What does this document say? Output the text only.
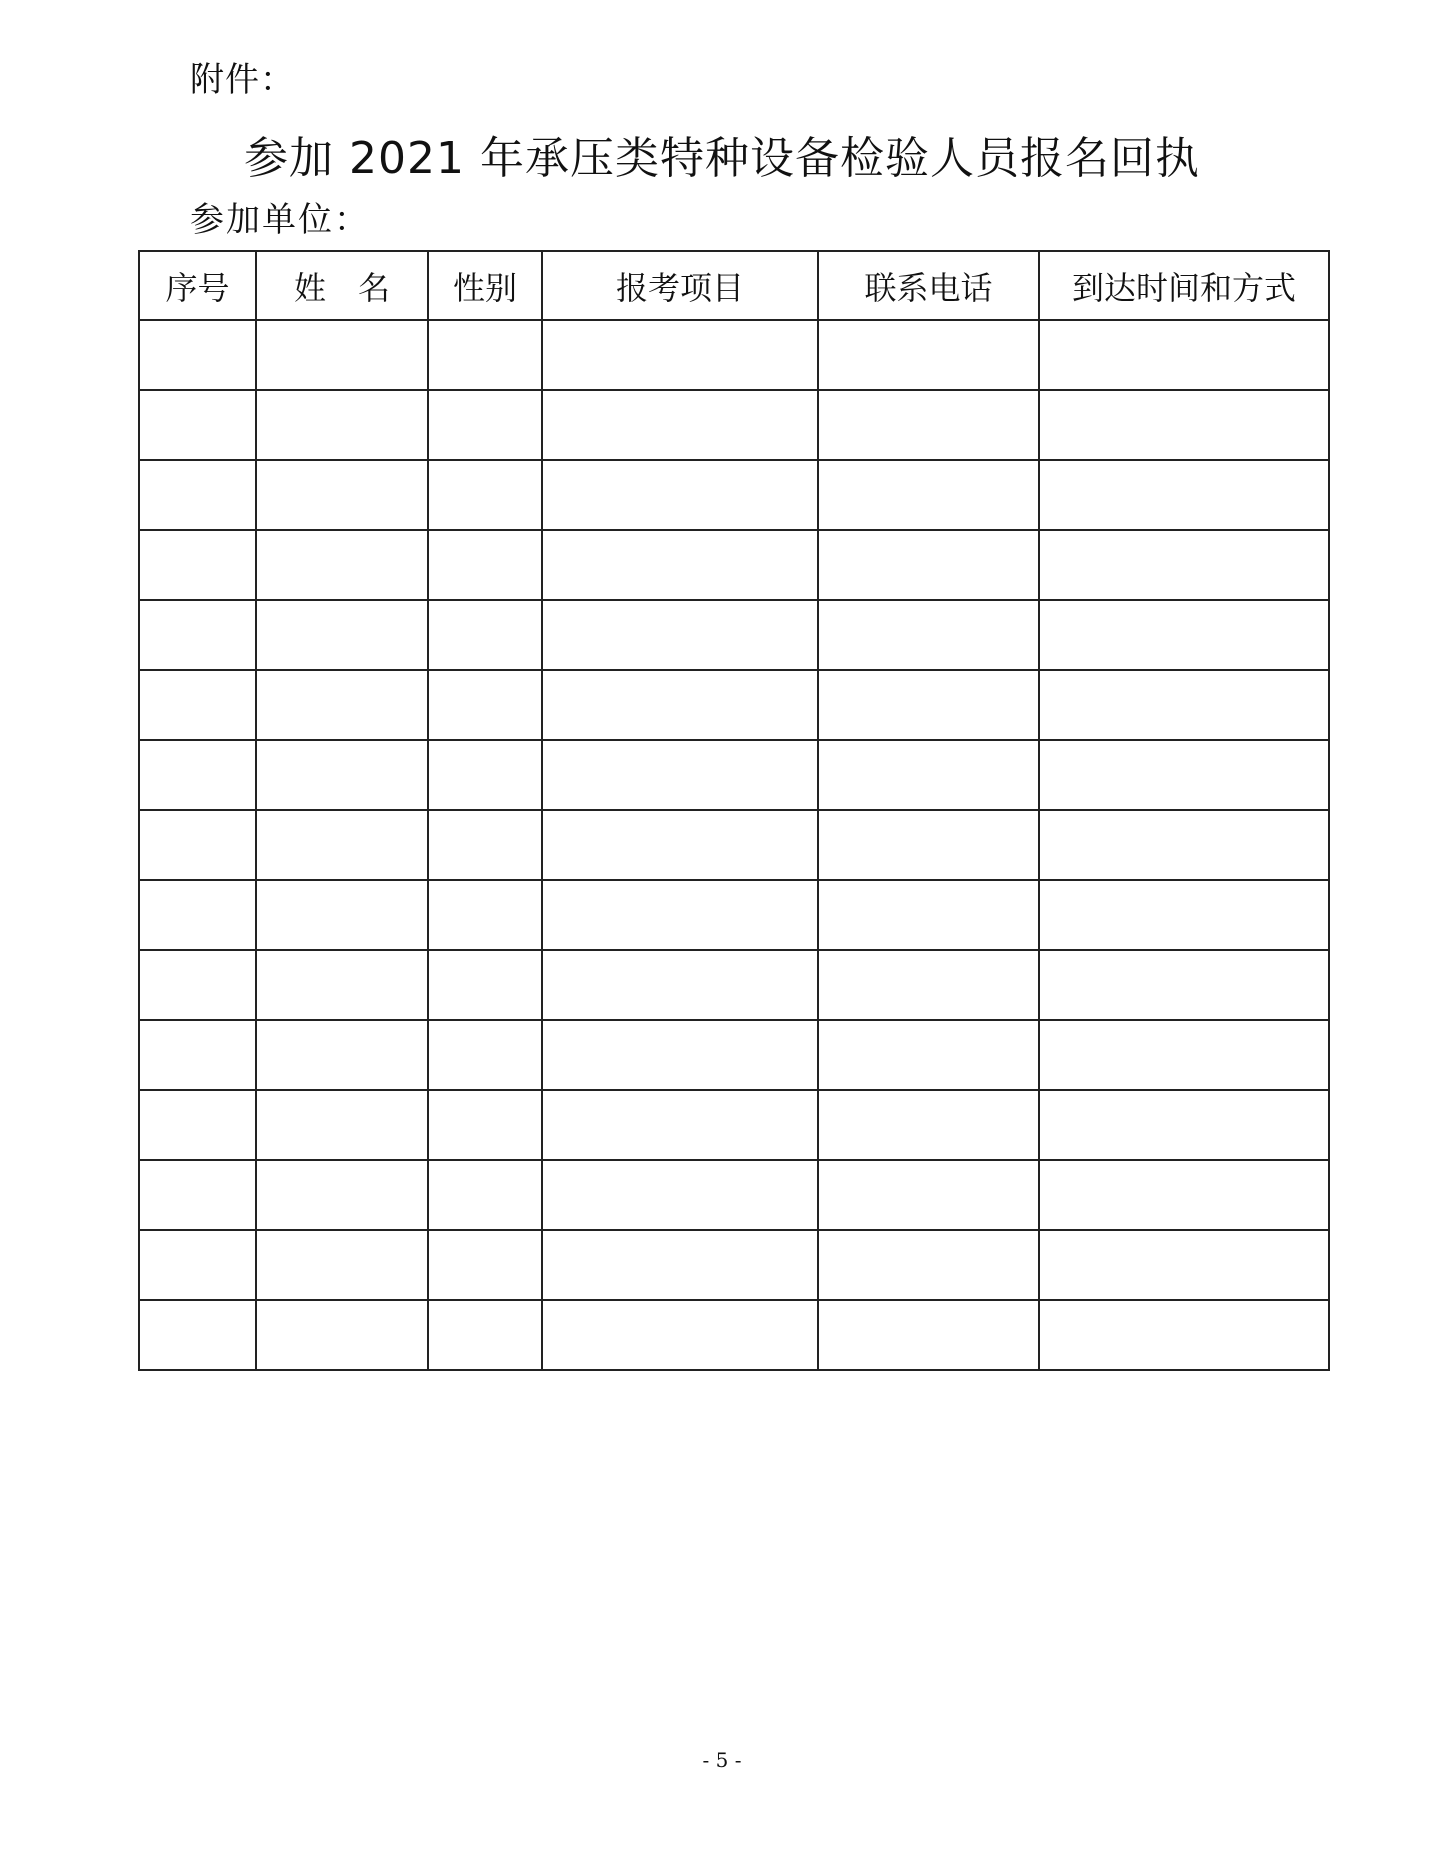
附件：
参加 2021 年承压类特种设备检验人员报名回执
参加单位：
序号	姓　名	性别	报考项目	联系电话	到达时间和方式

- 5 -
